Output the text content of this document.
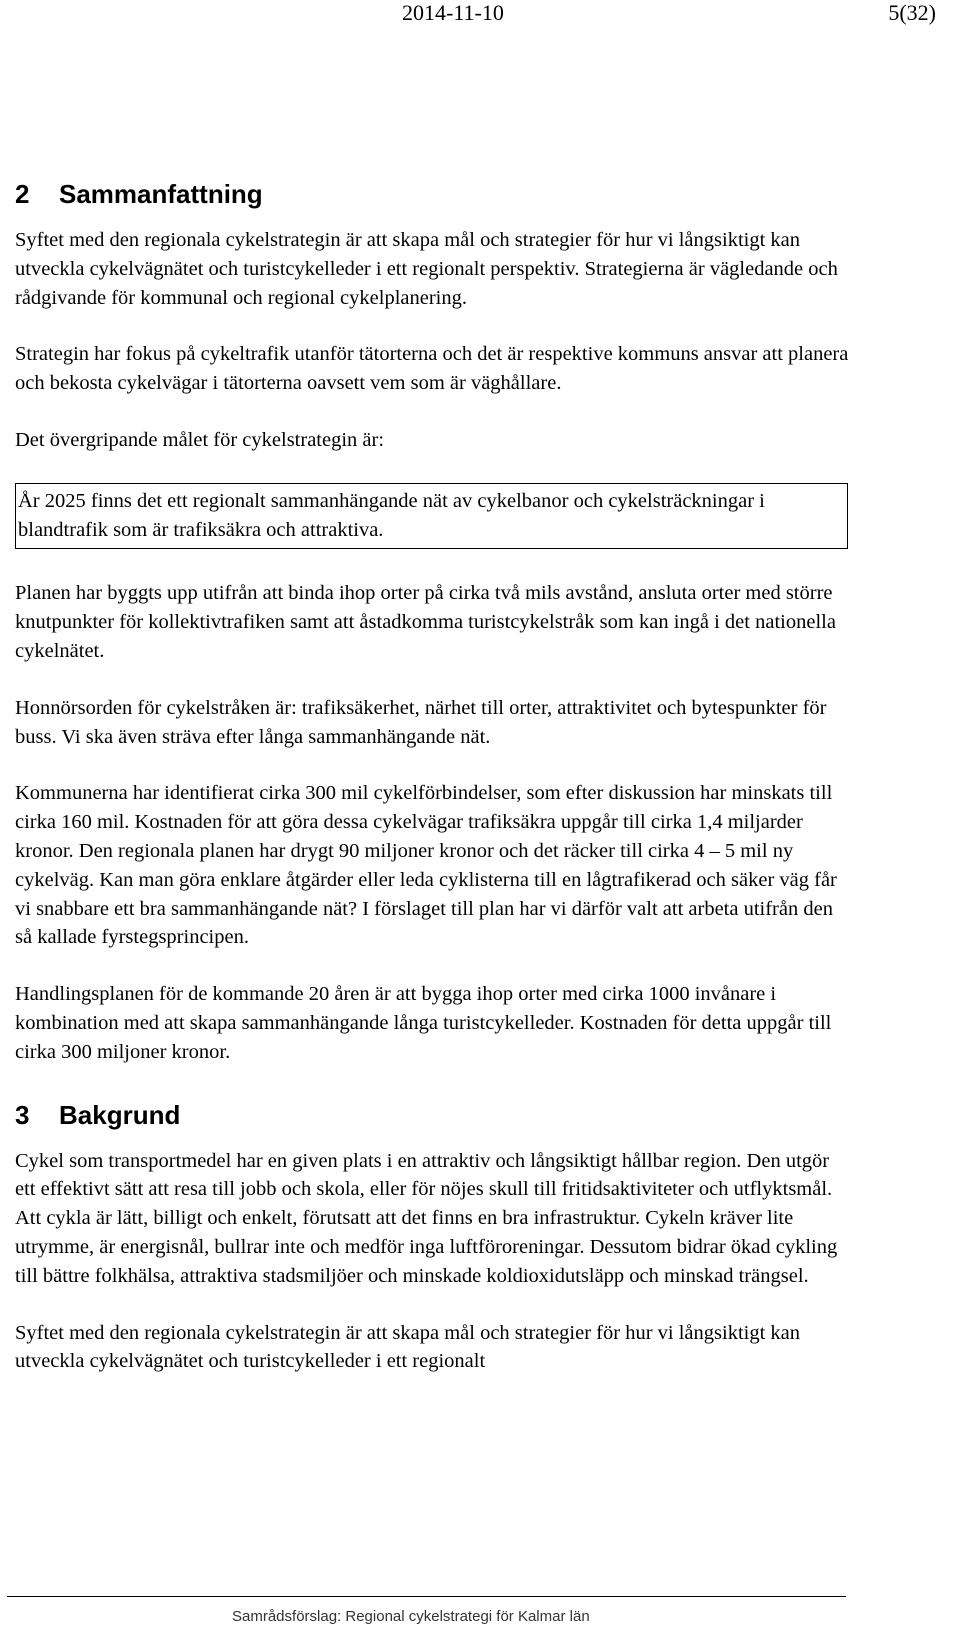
2014-11-10	5(32)
2 Sammanfattning

Syftet med den regionala cykelstrategin är att skapa mål och strategier för hur vi långsiktigt kan utveckla cykelvägnätet och turistcykelleder i ett regionalt perspektiv. Strategierna är vägledande och rådgivande för kommunal och regional cykelplanering.

Strategin har fokus på cykeltrafik utanför tätorterna och det är respektive kommuns ansvar att planera och bekosta cykelvägar i tätorterna oavsett vem som är väghållare.

Det övergripande målet för cykelstrategin är:

År 2025 finns det ett regionalt sammanhängande nät av cykelbanor och cykelsträckningar i blandtrafik som är trafiksäkra och attraktiva.

Planen har byggts upp utifrån att binda ihop orter på cirka två mils avstånd, ansluta orter med större knutpunkter för kollektivtrafiken samt att åstadkomma turistcykelstråk som kan ingå i det nationella cykelnätet.

Honnörsorden för cykelstråken är: trafiksäkerhet, närhet till orter, attraktivitet och bytespunkter för buss. Vi ska även sträva efter långa sammanhängande nät.

Kommunerna har identifierat cirka 300 mil cykelförbindelser, som efter diskussion har minskats till cirka 160 mil. Kostnaden för att göra dessa cykelvägar trafiksäkra uppgår till cirka 1,4 miljarder kronor. Den regionala planen har drygt 90 miljoner kronor och det räcker till cirka 4 – 5 mil ny cykelväg. Kan man göra enklare åtgärder eller leda cyklisterna till en lågtrafikerad och säker väg får vi snabbare ett bra sammanhängande nät? I förslaget till plan har vi därför valt att arbeta utifrån den så kallade fyrstegsprincipen.

Handlingsplanen för de kommande 20 åren är att bygga ihop orter med cirka 1000 invånare i kombination med att skapa sammanhängande långa turistcykelleder. Kostnaden för detta uppgår till cirka 300 miljoner kronor.

3 Bakgrund

Cykel som transportmedel har en given plats i en attraktiv och långsiktigt hållbar region. Den utgör ett effektivt sätt att resa till jobb och skola, eller för nöjes skull till fritidsaktiviteter och utflyktsmål. Att cykla är lätt, billigt och enkelt, förutsatt att det finns en bra infrastruktur. Cykeln kräver lite utrymme, är energisnål, bullrar inte och medför inga luftföroreningar. Dessutom bidrar ökad cykling till bättre folkhälsa, attraktiva stadsmiljöer och minskade koldioxidutsläpp och minskad trängsel.

Syftet med den regionala cykelstrategin är att skapa mål och strategier för hur vi långsiktigt kan utveckla cykelvägnätet och turistcykelleder i ett regionalt

Samrådsförslag: Regional cykelstrategi för Kalmar län
